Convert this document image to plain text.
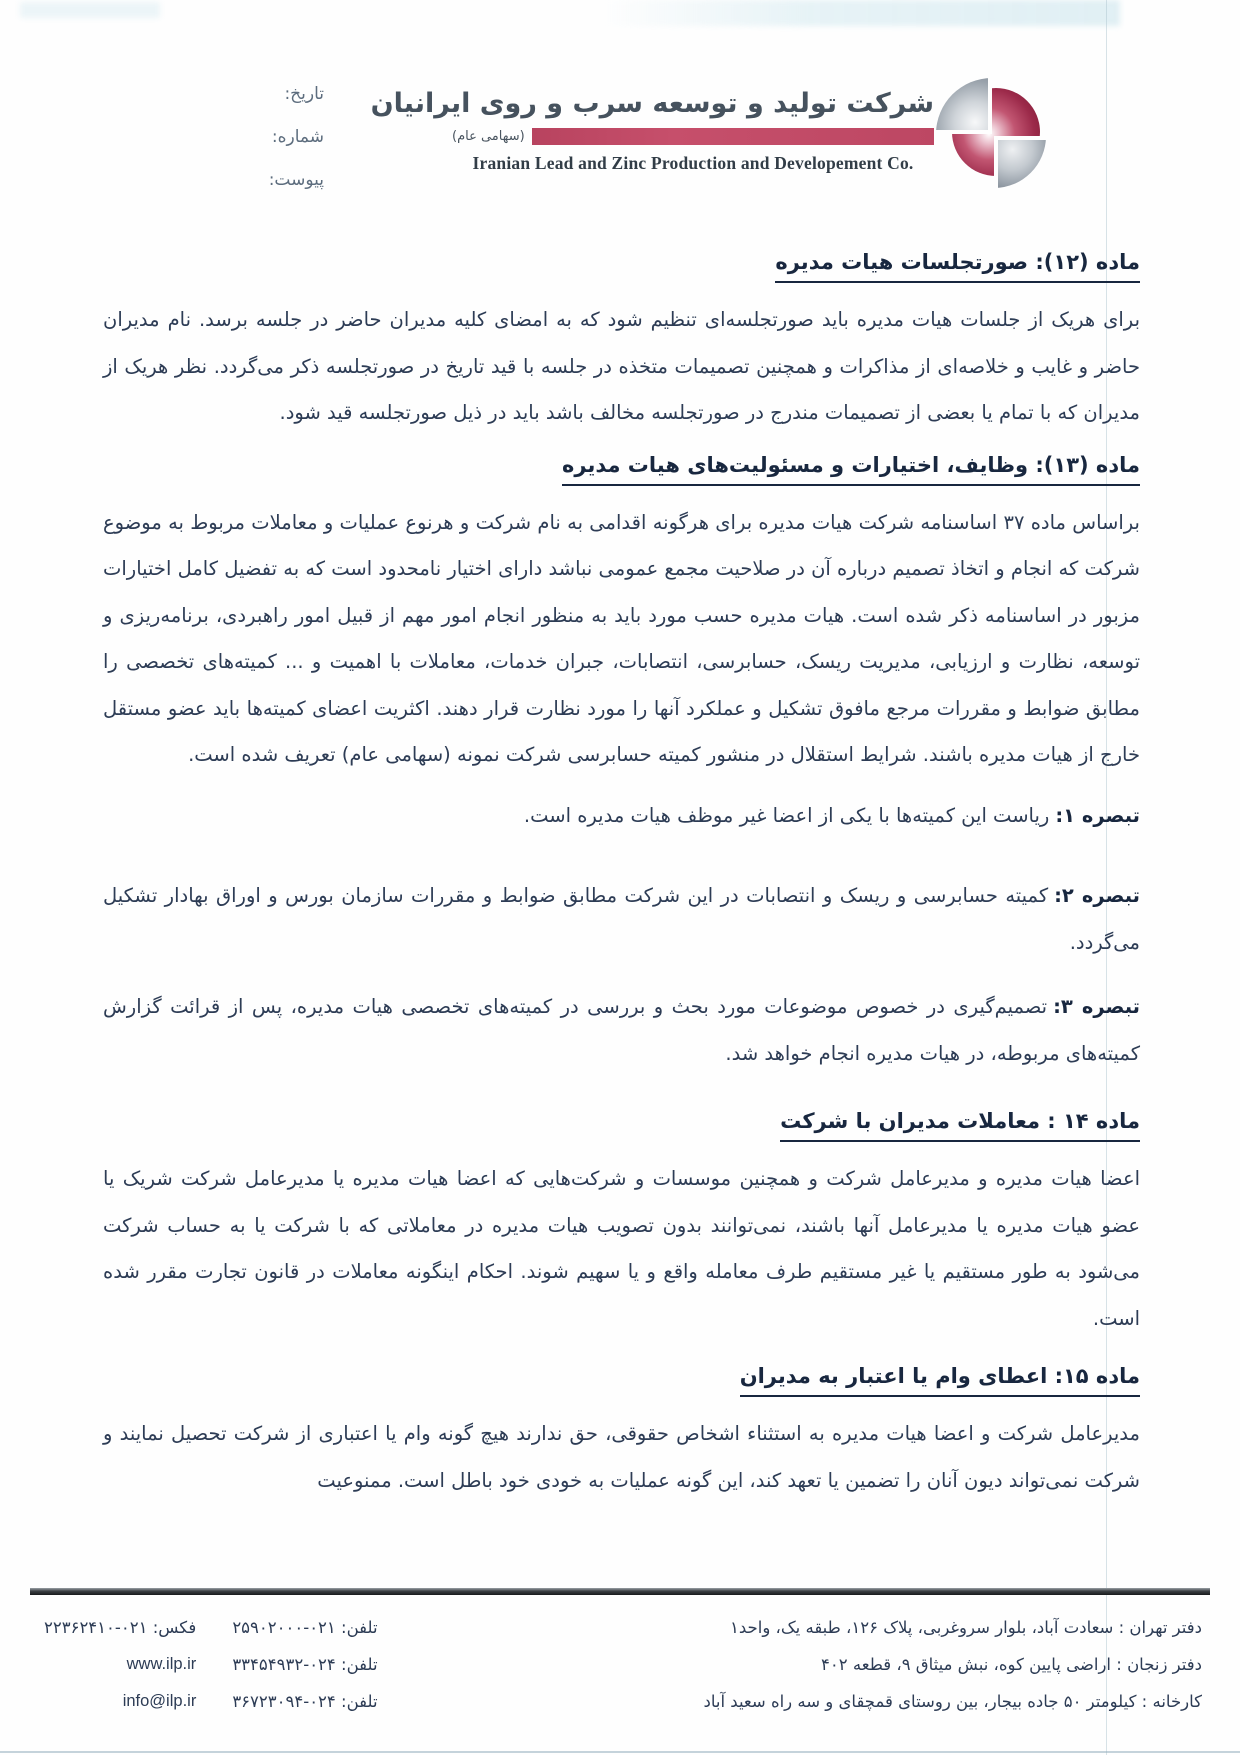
تاریخ:
شماره:
پیوست:
شرکت تولید و توسعه سرب و روی ایرانیان
(سهامی عام)
Iranian Lead and Zinc Production and Developement Co.
ماده (۱۲): صورتجلسات هیات مدیره

برای هریک از جلسات هیات مدیره باید صورتجلسه‌ای تنظیم شود که به امضای کلیه مدیران حاضر در جلسه برسد. نام مدیران حاضر و غایب و خلاصه‌ای از مذاکرات و همچنین تصمیمات متخذه در جلسه با قید تاریخ در صورتجلسه ذکر می‌گردد. نظر هریک از مدیران که با تمام یا بعضی از تصمیمات مندرج در صورتجلسه مخالف باشد باید در ذیل صورتجلسه قید شود.

ماده (۱۳): وظایف، اختیارات و مسئولیت‌های هیات مدیره

براساس ماده ۳۷ اساسنامه شرکت هیات مدیره برای هرگونه اقدامی به نام شرکت و هرنوع عملیات و معاملات مربوط به موضوع شرکت که انجام و اتخاذ تصمیم درباره آن در صلاحیت مجمع عمومی نباشد دارای اختیار نامحدود است که به تفضیل کامل اختیارات مزبور در اساسنامه ذکر شده است. هیات مدیره حسب مورد باید به منظور انجام امور مهم از قبیل امور راهبردی، برنامه‌ریزی و توسعه، نظارت و ارزیابی، مدیریت ریسک، حسابرسی، انتصابات، جبران خدمات، معاملات با اهمیت و ... کمیته‌های تخصصی را مطابق ضوابط و مقررات مرجع مافوق تشکیل و عملکرد آنها را مورد نظارت قرار دهند. اکثریت اعضای کمیته‌ها باید عضو مستقل خارج از هیات مدیره باشند. شرایط استقلال در منشور کمیته حسابرسی شرکت نمونه (سهامی عام) تعریف شده است.

تبصره ۱:ریاست این کمیته‌ها با یکی از اعضا غیر موظف هیات مدیره است.

تبصره ۲:کمیته حسابرسی و ریسک و انتصابات در این شرکت مطابق ضوابط و مقررات سازمان بورس و اوراق بهادار تشکیل می‌گردد.

تبصره ۳:تصمیم‌گیری در خصوص موضوعات مورد بحث و بررسی در کمیته‌های تخصصی هیات مدیره، پس از قرائت گزارش کمیته‌های مربوطه، در هیات مدیره انجام خواهد شد.

ماده ۱۴ : معاملات مدیران با شرکت

اعضا هیات مدیره و مدیرعامل شرکت و همچنین موسسات و شرکت‌هایی که اعضا هیات مدیره یا مدیرعامل شرکت شریک یا عضو هیات مدیره یا مدیرعامل آنها باشند، نمی‌توانند بدون تصویب هیات مدیره در معاملاتی که با شرکت یا به حساب شرکت می‌شود به طور مستقیم یا غیر مستقیم طرف معامله واقع و یا سهیم شوند. احکام اینگونه معاملات در قانون تجارت مقرر شده است.

ماده ۱۵: اعطای وام یا اعتبار به مدیران

مدیرعامل شرکت و اعضا هیات مدیره به استثناء اشخاص حقوقی، حق ندارند هیچ گونه وام یا اعتباری از شرکت تحصیل نمایند و شرکت نمی‌تواند دیون آنان را تضمین یا تعهد کند، این گونه عملیات به خودی خود باطل است. ممنوعیت

دفتر تهران : سعادت آباد، بلوار سروغربی، پلاک ۱۲۶، طبقه یک، واحد۱
دفتر زنجان : اراضی پایین کوه، نبش میثاق ۹، قطعه ۴۰۲
کارخانه : کیلومتر ۵۰ جاده بیجار، بین روستای قمچقای و سه راه سعید آباد
تلفن: ۰۲۱-۲۵۹۰۲۰۰۰
فکس: ۰۲۱-۲۲۳۶۲۴۱۰
تلفن: ۰۲۴-۳۳۴۵۴۹۳۲
www.ilp.ir
تلفن: ۰۲۴-۳۶۷۲۳۰۹۴
info@ilp.ir
